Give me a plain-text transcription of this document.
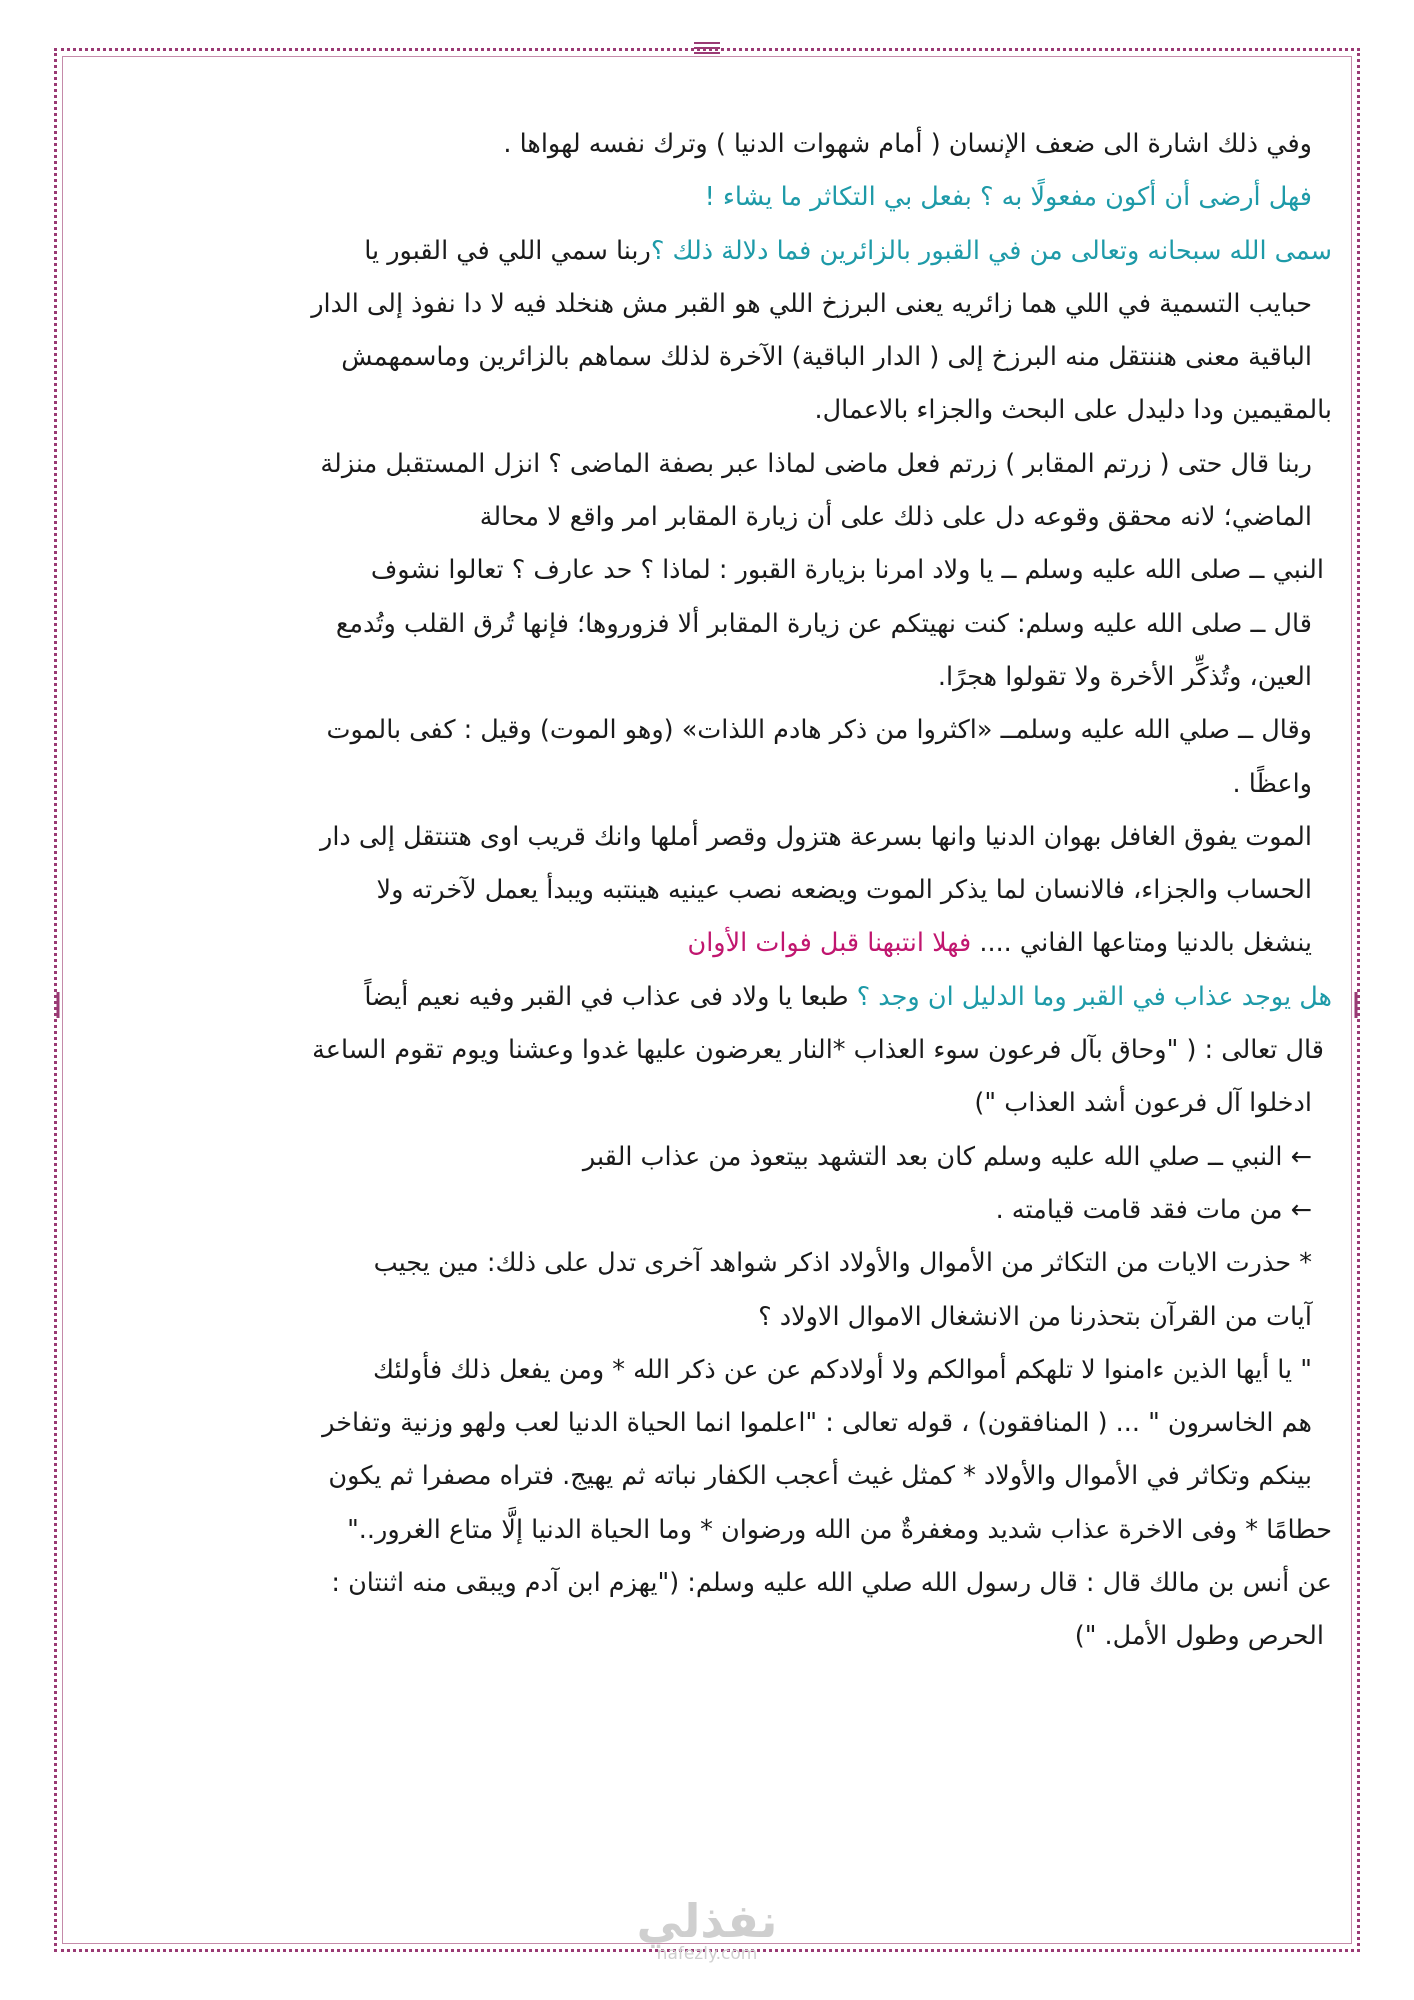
وفي ذلك اشارة الى ضعف الإنسان ( أمام شهوات الدنيا ) وترك نفسه لهواها .

فهل أرضى أن أكون مفعولًا به ؟ بفعل بي التكاثر ما يشاء !

سمى الله سبحانه وتعالى من في القبور بالزائرين فما دلالة ذلك ؟ربنا سمي اللي في القبور يا

حبايب التسمية في اللي هما زائريه يعنى البرزخ اللي هو القبر مش هنخلد فيه لا دا نفوذ إلى الدار

الباقية معنى هننتقل منه البرزخ إلى ( الدار الباقية) الآخرة لذلك سماهم بالزائرين وماسمهمش

بالمقيمين ودا دليدل على البحث والجزاء بالاعمال.

ربنا قال حتى ( زرتم المقابر ) زرتم فعل ماضى لماذا عبر بصفة الماضى ؟ انزل المستقبل منزلة

الماضي؛ لانه محقق وقوعه دل على ذلك على أن زيارة المقابر امر واقع لا محالة

النبي ــ صلى الله عليه وسلم ــ يا ولاد امرنا بزيارة القبور : لماذا ؟ حد عارف ؟ تعالوا نشوف

قال ــ صلى الله عليه وسلم: كنت نهيتكم عن زيارة المقابر ألا فزوروها؛ فإنها تُرق القلب وتُدمع

العين، وتُذكِّر الأخرة ولا تقولوا هجرًا.

وقال ــ صلي الله عليه وسلمــ «اكثروا من ذكر هادم اللذات» (وهو الموت) وقيل : كفى بالموت

واعظًا .

الموت يفوق الغافل بهوان الدنيا وانها بسرعة هتزول وقصر أملها وانك قريب اوى هتنتقل إلى دار

الحساب والجزاء، فالانسان لما يذكر الموت ويضعه نصب عينيه هينتبه ويبدأ يعمل لآخرته ولا

ينشغل بالدنيا ومتاعها الفاني .... فهلا انتبهنا قبل فوات الأوان

هل يوجد عذاب في القبر وما الدليل ان وجد ؟ طبعا يا ولاد فى عذاب في القبر وفيه نعيم أيضاً

قال تعالى : ( "وحاق بآل فرعون سوء العذاب *النار يعرضون عليها غدوا وعشنا ويوم تقوم الساعة

ادخلوا آل فرعون أشد العذاب ")

← النبي ــ صلي الله عليه وسلم كان بعد التشهد بيتعوذ من عذاب القبر

← من مات فقد قامت قيامته .

* حذرت الايات من التكاثر من الأموال والأولاد اذكر شواهد آخرى تدل على ذلك: مين يجيب

آيات من القرآن بتحذرنا من الانشغال الاموال الاولاد ؟

" يا أيها الذين ءامنوا لا تلهكم أموالكم ولا أولادكم عن عن ذكر الله * ومن يفعل ذلك فأولئك

هم الخاسرون " ... ( المنافقون) ، قوله تعالى : "اعلموا انما الحياة الدنيا لعب ولهو وزنية وتفاخر

بينكم وتكاثر في الأموال والأولاد * كمثل غيث أعجب الكفار نباته ثم يهيج. فتراه مصفرا ثم يكون

حطامًا * وفى الاخرة عذاب شديد ومغفرةٌ من الله ورضوان * وما الحياة الدنيا إلَّا متاع الغرور.."

عن أنس بن مالك قال : قال رسول الله صلي الله عليه وسلم: ("يهزم ابن آدم ويبقى منه اثنتان :

الحرص وطول الأمل. ")

نفذلي
nafezly.com
